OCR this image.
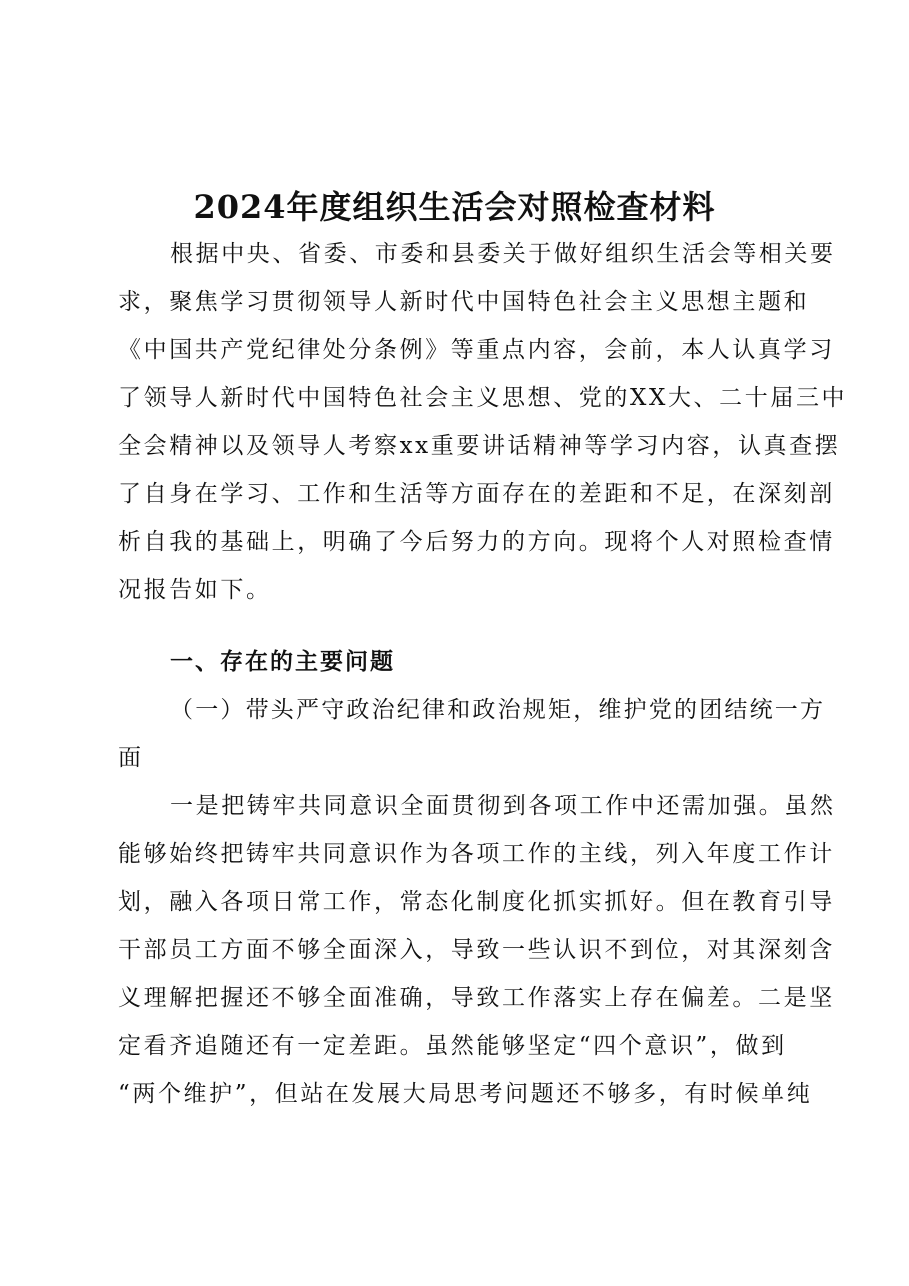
2024年度组织生活会对照检查材料
根据中央、省委、市委和县委关于做好组织生活会等相关要
求，聚焦学习贯彻领导人新时代中国特色社会主义思想主题和
《中国共产党纪律处分条例》等重点内容，会前，本人认真学习
了领导人新时代中国特色社会主义思想、党的XX大、二十届三中
全会精神以及领导人考察xx重要讲话精神等学习内容，认真查摆
了自身在学习、工作和生活等方面存在的差距和不足，在深刻剖
析自我的基础上，明确了今后努力的方向。现将个人对照检查情
况报告如下。
一、存在的主要问题
（一）带头严守政治纪律和政治规矩，维护党的团结统一方
面
一是把铸牢共同意识全面贯彻到各项工作中还需加强。虽然
能够始终把铸牢共同意识作为各项工作的主线，列入年度工作计
划，融入各项日常工作，常态化制度化抓实抓好。但在教育引导
干部员工方面不够全面深入，导致一些认识不到位，对其深刻含
义理解把握还不够全面准确，导致工作落实上存在偏差。二是坚
定看齐追随还有一定差距。虽然能够坚定“四个意识”，做到
“两个维护”，但站在发展大局思考问题还不够多，有时候单纯
